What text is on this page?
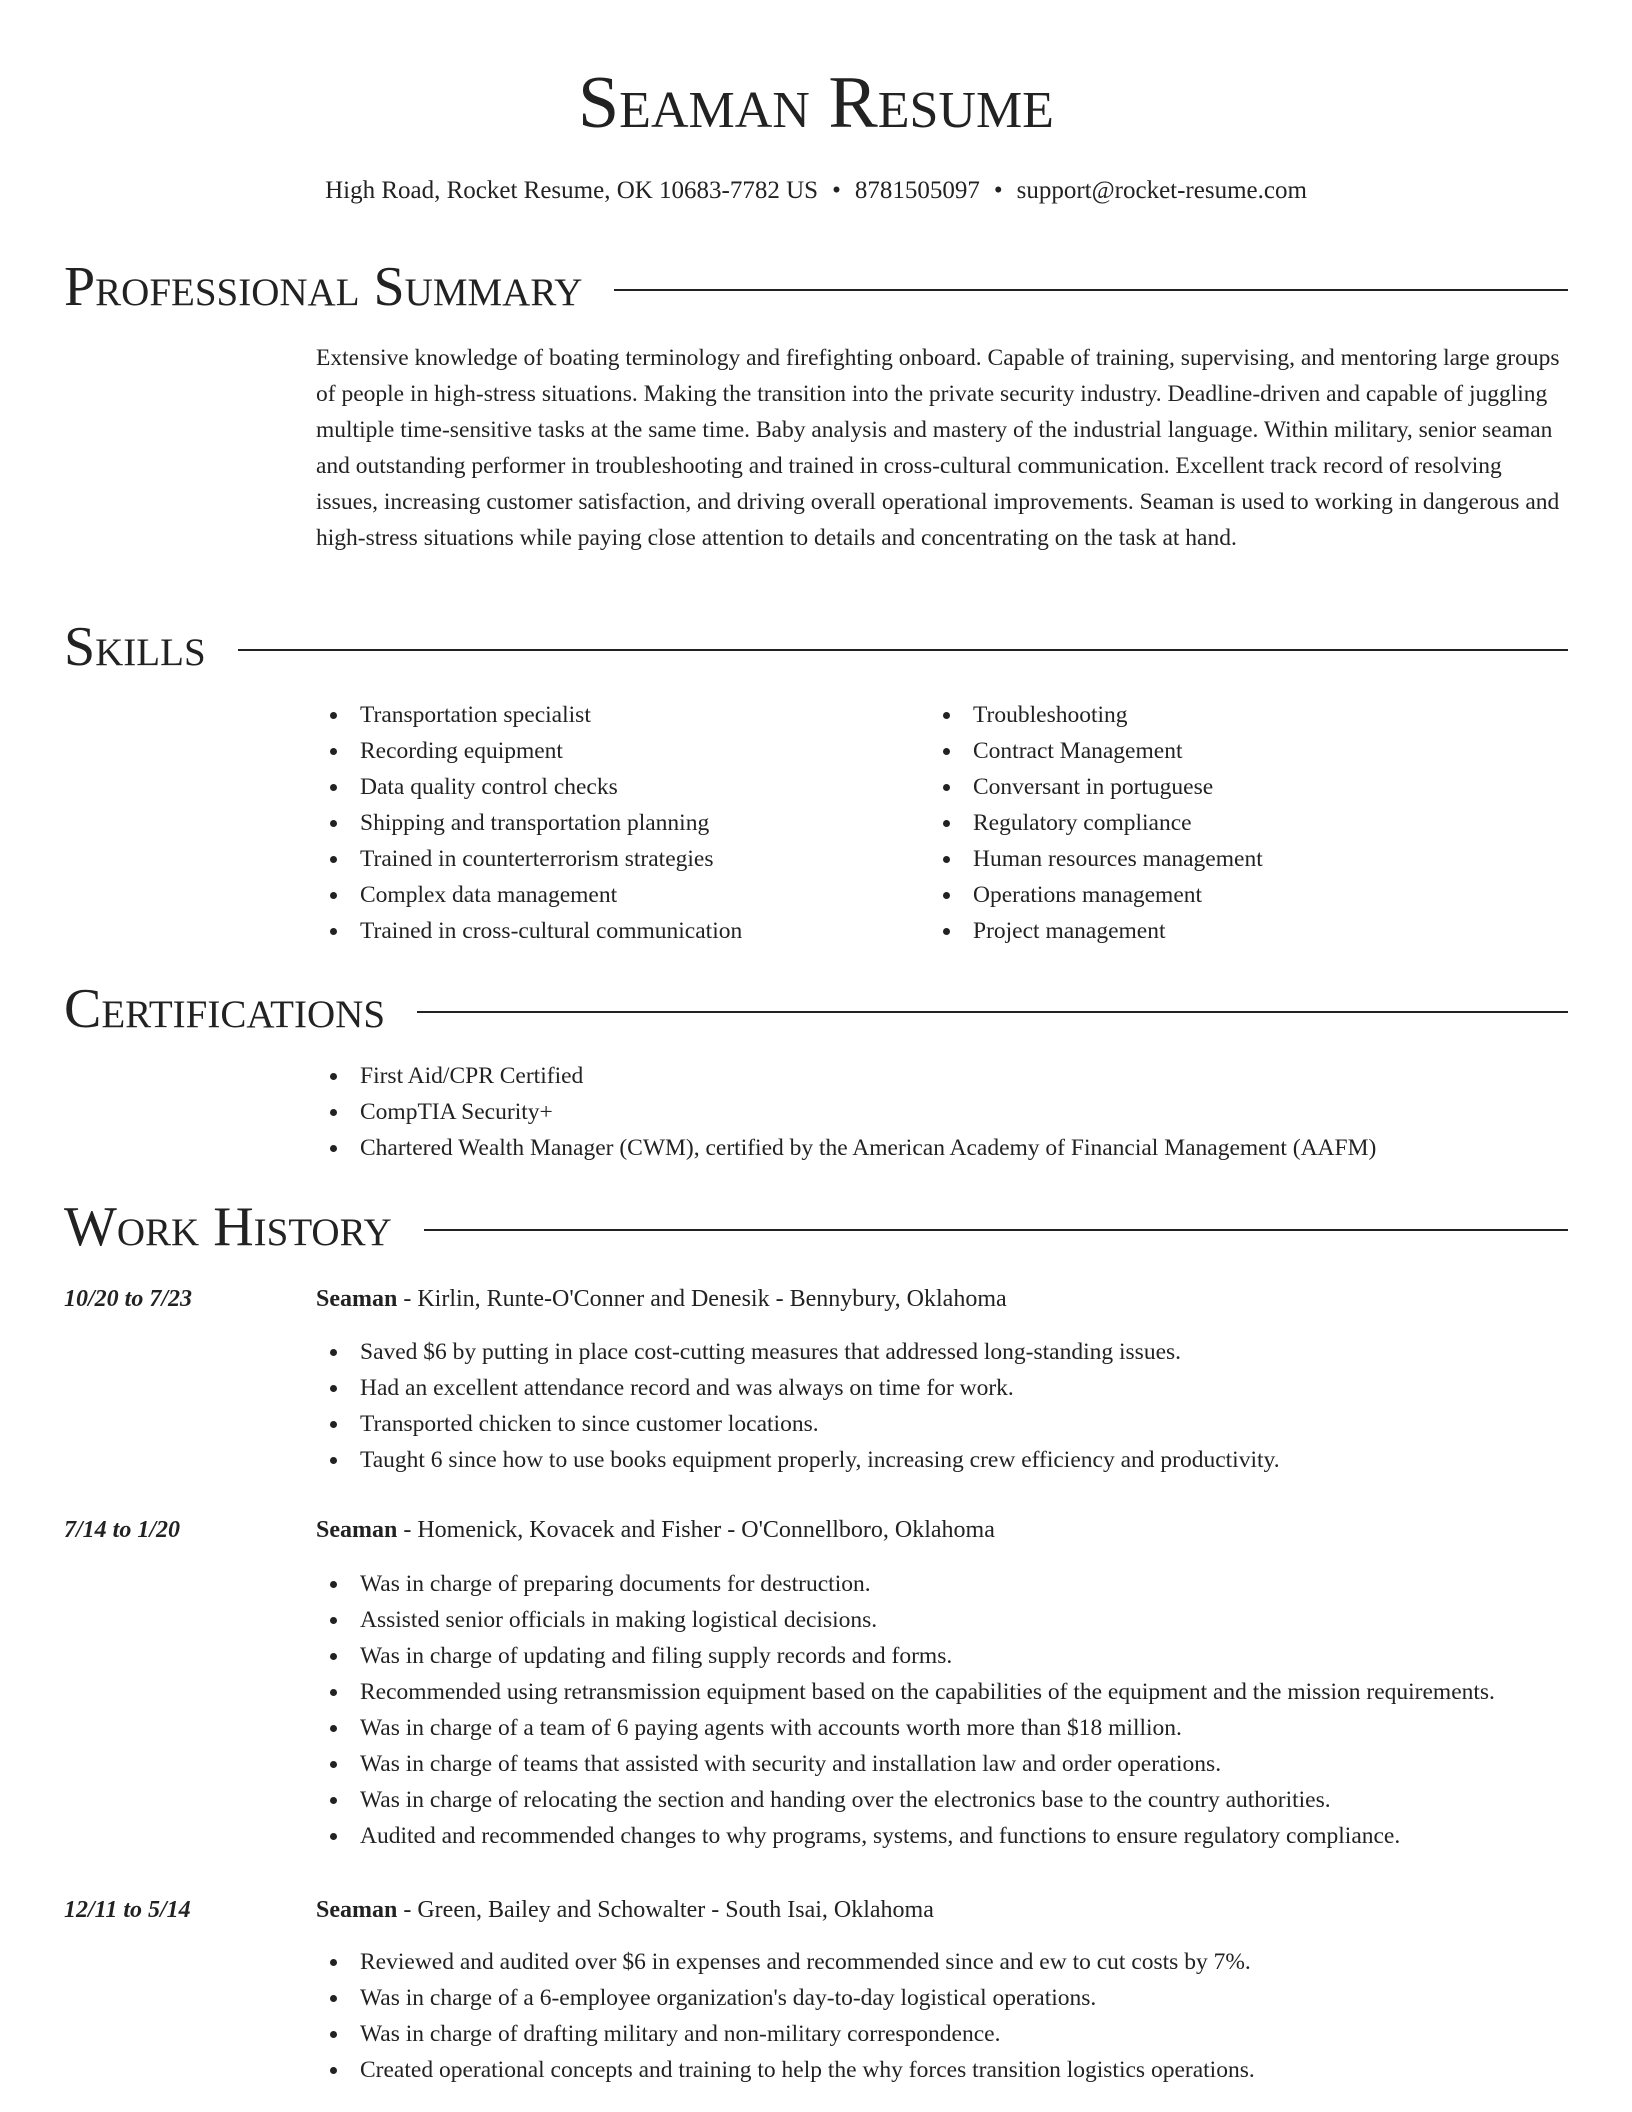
Seaman Resume
High Road, Rocket Resume, OK 10683-7782 US • 8781505097 • support@rocket-resume.com
Professional Summary

Extensive knowledge of boating terminology and firefighting onboard. Capable of training, supervising, and mentoring large groups of people in high-stress situations. Making the transition into the private security industry. Deadline-driven and capable of juggling multiple time-sensitive tasks at the same time. Baby analysis and mastery of the industrial language. Within military, senior seaman and outstanding performer in troubleshooting and trained in cross-cultural communication. Excellent track record of resolving issues, increasing customer satisfaction, and driving overall operational improvements. Seaman is used to working in dangerous and high-stress situations while paying close attention to details and concentrating on the task at hand.

Skills
Transportation specialist
Recording equipment
Data quality control checks
Shipping and transportation planning
Trained in counterterrorism strategies
Complex data management
Trained in cross-cultural communication
Troubleshooting
Contract Management
Conversant in portuguese
Regulatory compliance
Human resources management
Operations management
Project management
Certifications
First Aid/CPR Certified
CompTIA Security+
Chartered Wealth Manager (CWM), certified by the American Academy of Financial Management (AAFM)
Work History
10/20 to 7/23	Seaman - Kirlin, Runte-O'Conner and Denesik - Bennybury, Oklahoma
Saved $6 by putting in place cost-cutting measures that addressed long-standing issues.
Had an excellent attendance record and was always on time for work.
Transported chicken to since customer locations.
Taught 6 since how to use books equipment properly, increasing crew efficiency and productivity.
7/14 to 1/20	Seaman - Homenick, Kovacek and Fisher - O'Connellboro, Oklahoma
Was in charge of preparing documents for destruction.
Assisted senior officials in making logistical decisions.
Was in charge of updating and filing supply records and forms.
Recommended using retransmission equipment based on the capabilities of the equipment and the mission requirements.
Was in charge of a team of 6 paying agents with accounts worth more than $18 million.
Was in charge of teams that assisted with security and installation law and order operations.
Was in charge of relocating the section and handing over the electronics base to the country authorities.
Audited and recommended changes to why programs, systems, and functions to ensure regulatory compliance.
12/11 to 5/14	Seaman - Green, Bailey and Schowalter - South Isai, Oklahoma
Reviewed and audited over $6 in expenses and recommended since and ew to cut costs by 7%.
Was in charge of a 6-employee organization's day-to-day logistical operations.
Was in charge of drafting military and non-military correspondence.
Created operational concepts and training to help the why forces transition logistics operations.
